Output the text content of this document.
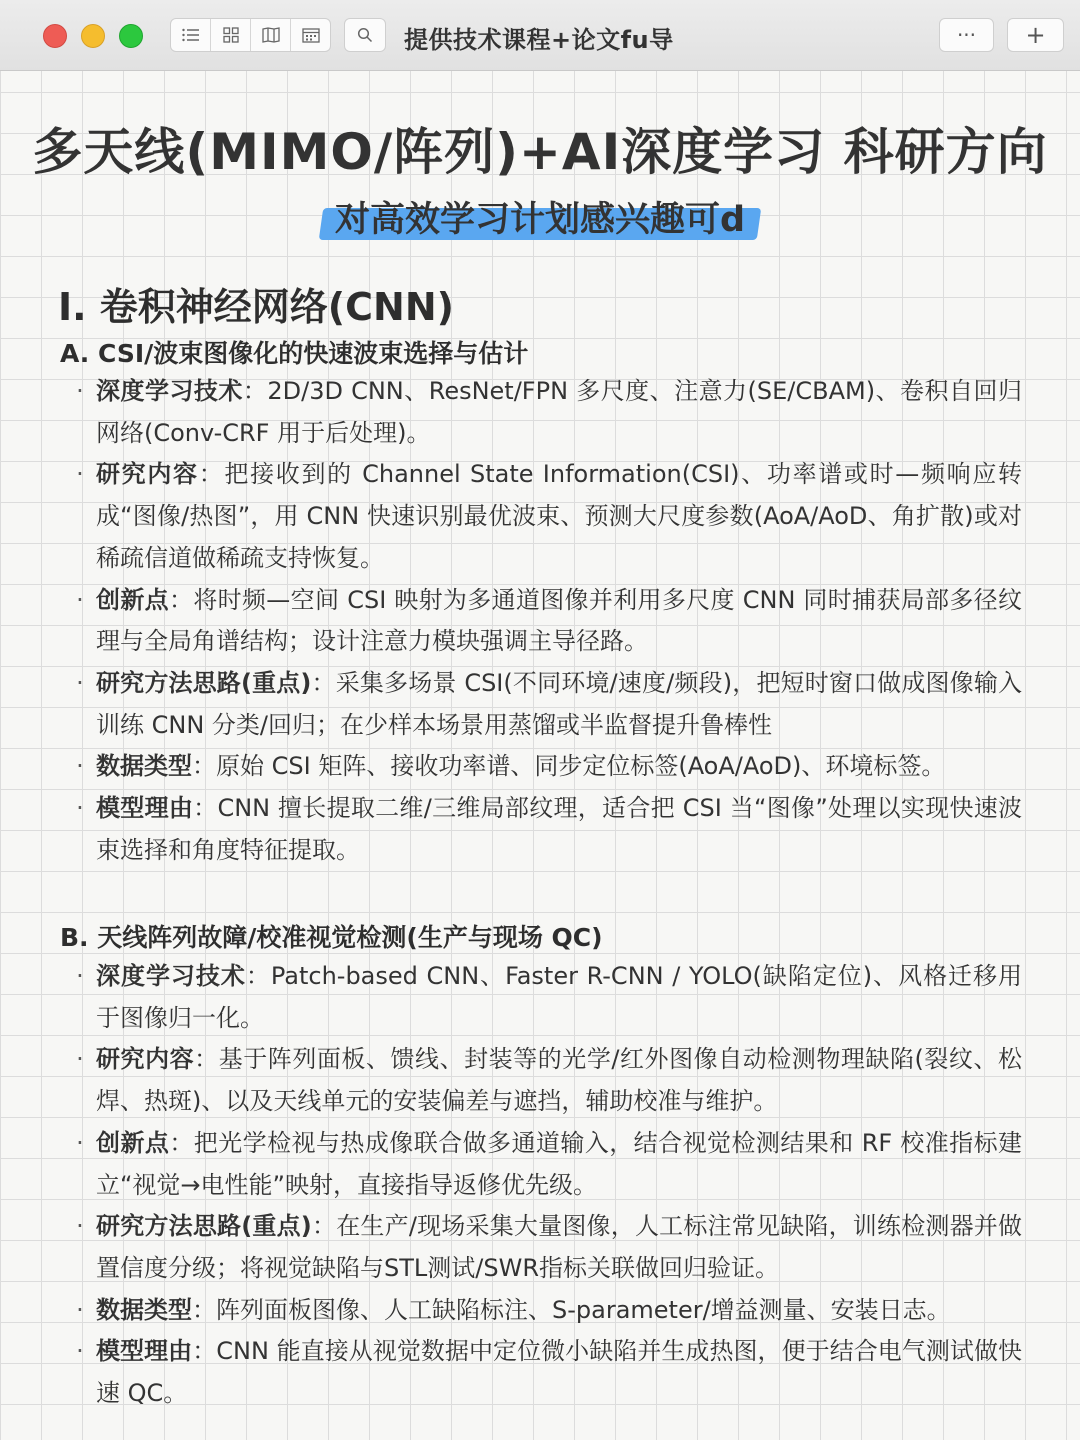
提供技术课程+论文fu导	···	+
多天线(MIMO/阵列)+AI深度学习 科研方向
对高效学习计划感兴趣可d
I. 卷积神经网络(CNN)
A. CSI/波束图像化的快速波束选择与估计
· 深度学习技术：2D/3D CNN、ResNet/FPN 多尺度、注意力(SE/CBAM)、卷积自回归网络(Conv-CRF 用于后处理)。
· 研究内容：把接收到的 Channel State Information(CSI)、功率谱或时—频响应转成“图像/热图”，用 CNN 快速识别最优波束、预测大尺度参数(AoA/AoD、角扩散)或对稀疏信道做稀疏支持恢复。
· 创新点：将时频—空间 CSI 映射为多通道图像并利用多尺度 CNN 同时捕获局部多径纹理与全局角谱结构；设计注意力模块强调主导径路。
· 研究方法思路(重点)：采集多场景 CSI(不同环境/速度/频段)，把短时窗口做成图像输入训练 CNN 分类/回归；在少样本场景用蒸馏或半监督提升鲁棒性
· 数据类型：原始 CSI 矩阵、接收功率谱、同步定位标签(AoA/AoD)、环境标签。
· 模型理由：CNN 擅长提取二维/三维局部纹理，适合把 CSI 当“图像”处理以实现快速波束选择和角度特征提取。
B. 天线阵列故障/校准视觉检测(生产与现场 QC)
· 深度学习技术：Patch-based CNN、Faster R-CNN / YOLO(缺陷定位)、风格迁移用于图像归一化。
· 研究内容：基于阵列面板、馈线、封装等的光学/红外图像自动检测物理缺陷(裂纹、松焊、热斑)、以及天线单元的安装偏差与遮挡，辅助校准与维护。
· 创新点：把光学检视与热成像联合做多通道输入，结合视觉检测结果和 RF 校准指标建立“视觉→电性能”映射，直接指导返修优先级。
· 研究方法思路(重点)：在生产/现场采集大量图像，人工标注常见缺陷，训练检测器并做置信度分级；将视觉缺陷与STL测试/SWR指标关联做回归验证。
· 数据类型：阵列面板图像、人工缺陷标注、S-parameter/增益测量、安装日志。
· 模型理由：CNN 能直接从视觉数据中定位微小缺陷并生成热图，便于结合电气测试做快速 QC。
